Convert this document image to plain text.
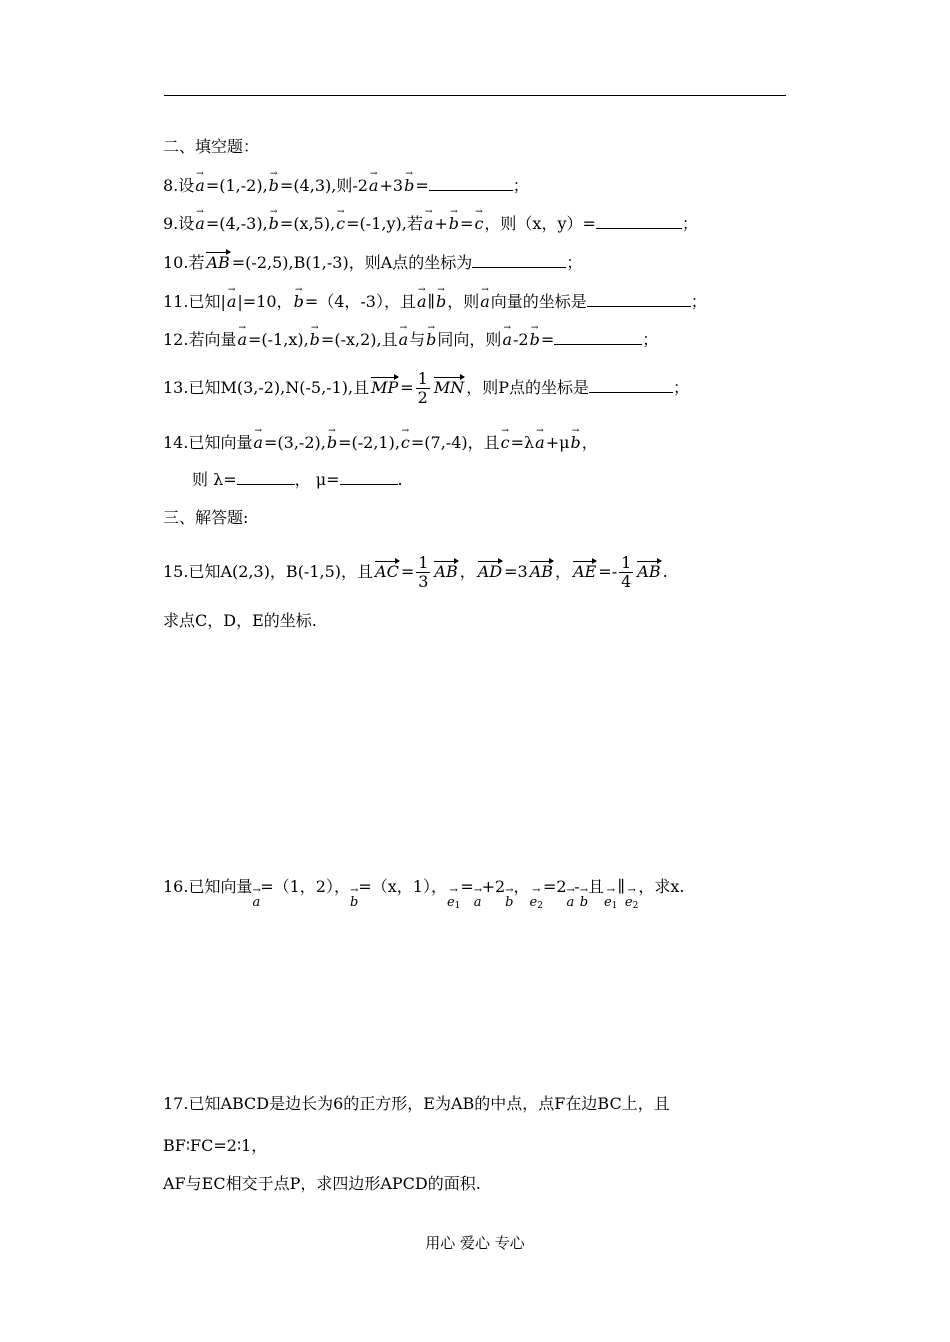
二、填空题：
8.设→ a=(1,-2),→ b=(4,3),则-2→ a+3→ b=	；
9.设→ a=(4,-3),→ b=(x,5),→ c=(-1,y),若→ a+→ b=→ c，则（x，y）=	；
10.若 AB =(-2,5),B(1,-3)，则A点的坐标为	；
11.已知|→ a|=10，→ b=（4，-3），且→ a∥→ b，则→ a向量的坐标是	；
12.若向量→ a=(-1,x),→ b=(-x,2),且→ a与→ b同向，则→ a-2→ b=	；
13.已知M(3,-2),N(-5,-1),且 MP = $\frac{1}{2}$ MN ，则P点的坐标是	；
14.已知向量→ a=(3,-2),→ b=(-2,1),→ c=(7,-4)，且→ c=λ→ a+μ→ b，
则 λ=	， μ=	.
三、解答题:
15.已知A(2,3)，B(-1,5)，且 AC = $\frac{1}{3}$ AB ， AD =3 AB ， AE =- $\frac{1}{4}$ AB .
求点C，D，E的坐标.
16.已知向量→ a=（1，2），→ b=（x，1），→ $e_1=\to a+2\to b$，→ $e_2=2\to a-\to b$且→ $e_1\parallel\to e_2$，求x.
17.已知ABCD是边长为6的正方形，E为AB的中点，点F在边BC上，且
BF∶FC=2∶1，
AF与EC相交于点P，求四边形APCD的面积.
用心 爱心 专心
